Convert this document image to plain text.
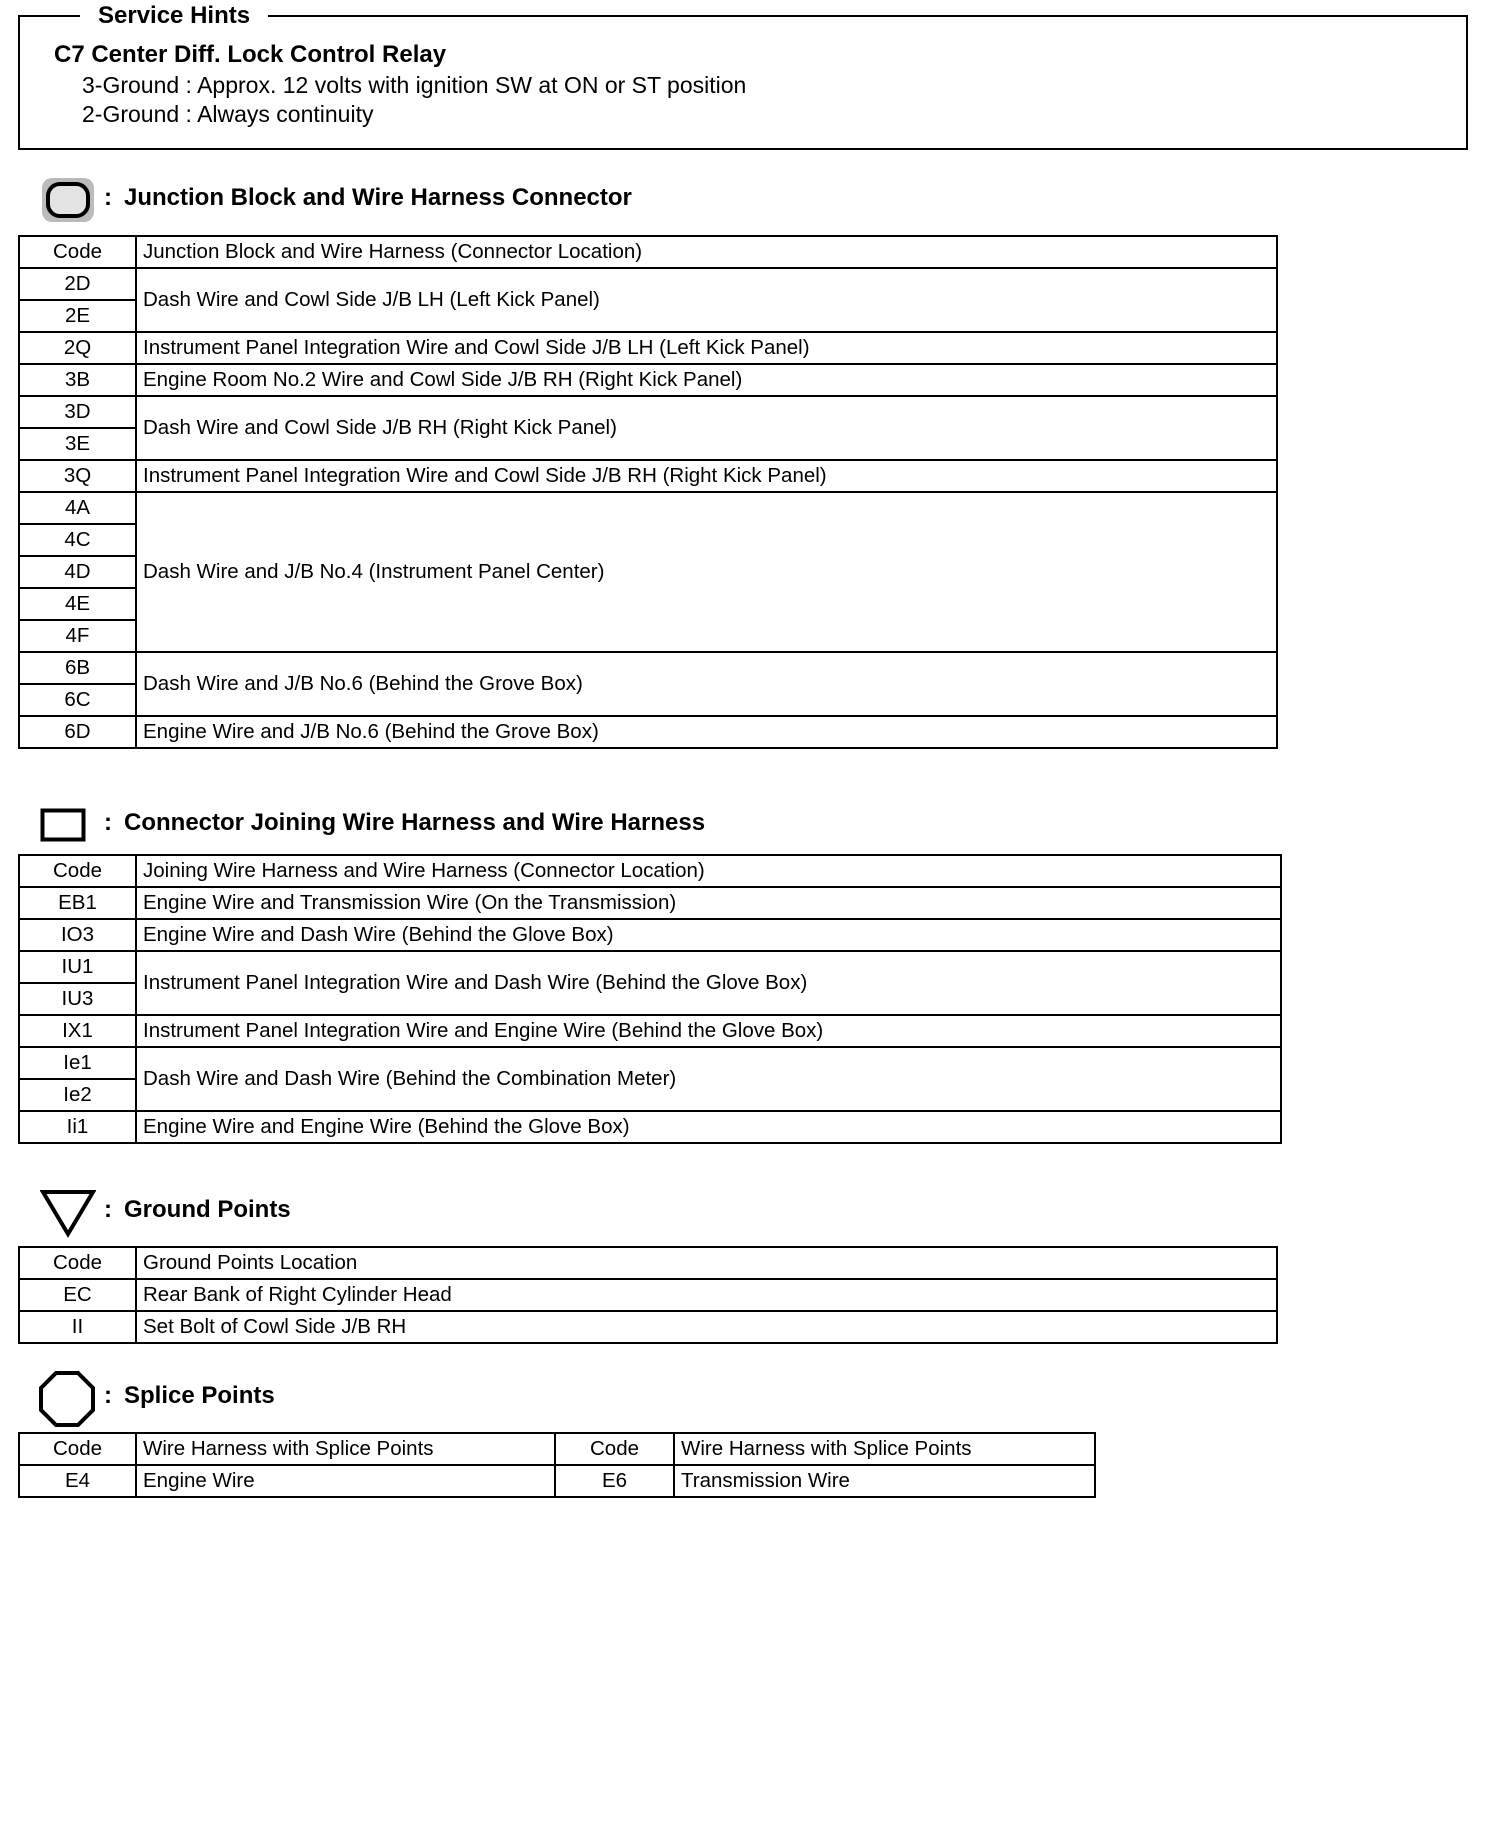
Service Hints
C7 Center Diff. Lock Control Relay
3-Ground : Approx. 12 volts with ignition SW at ON or ST position
2-Ground : Always continuity
: Junction Block and Wire Harness Connector
Code	Junction Block and Wire Harness (Connector Location)
2D	Dash Wire and Cowl Side J/B LH (Left Kick Panel)
2E	
2Q	Instrument Panel Integration Wire and Cowl Side J/B LH (Left Kick Panel)
3B	Engine Room No.2 Wire and Cowl Side J/B RH (Right Kick Panel)
3D	Dash Wire and Cowl Side J/B RH (Right Kick Panel)
3E	
3Q	Instrument Panel Integration Wire and Cowl Side J/B RH (Right Kick Panel)
4A	Dash Wire and J/B No.4 (Instrument Panel Center)
4C	
4D	
4E	
4F	
6B	Dash Wire and J/B No.6 (Behind the Grove Box)
6C	
6D	Engine Wire and J/B No.6 (Behind the Grove Box)
: Connector Joining Wire Harness and Wire Harness
Code	Joining Wire Harness and Wire Harness (Connector Location)
EB1	Engine Wire and Transmission Wire (On the Transmission)
IO3	Engine Wire and Dash Wire (Behind the Glove Box)
IU1	Instrument Panel Integration Wire and Dash Wire (Behind the Glove Box)
IU3	
IX1	Instrument Panel Integration Wire and Engine Wire (Behind the Glove Box)
Ie1	Dash Wire and Dash Wire (Behind the Combination Meter)
Ie2	
Ii1	Engine Wire and Engine Wire (Behind the Glove Box)
: Ground Points
Code	Ground Points Location
EC	Rear Bank of Right Cylinder Head
II	Set Bolt of Cowl Side J/B RH
: Splice Points
Code	Wire Harness with Splice Points	Code	Wire Harness with Splice Points
E4	Engine Wire	E6	Transmission Wire
